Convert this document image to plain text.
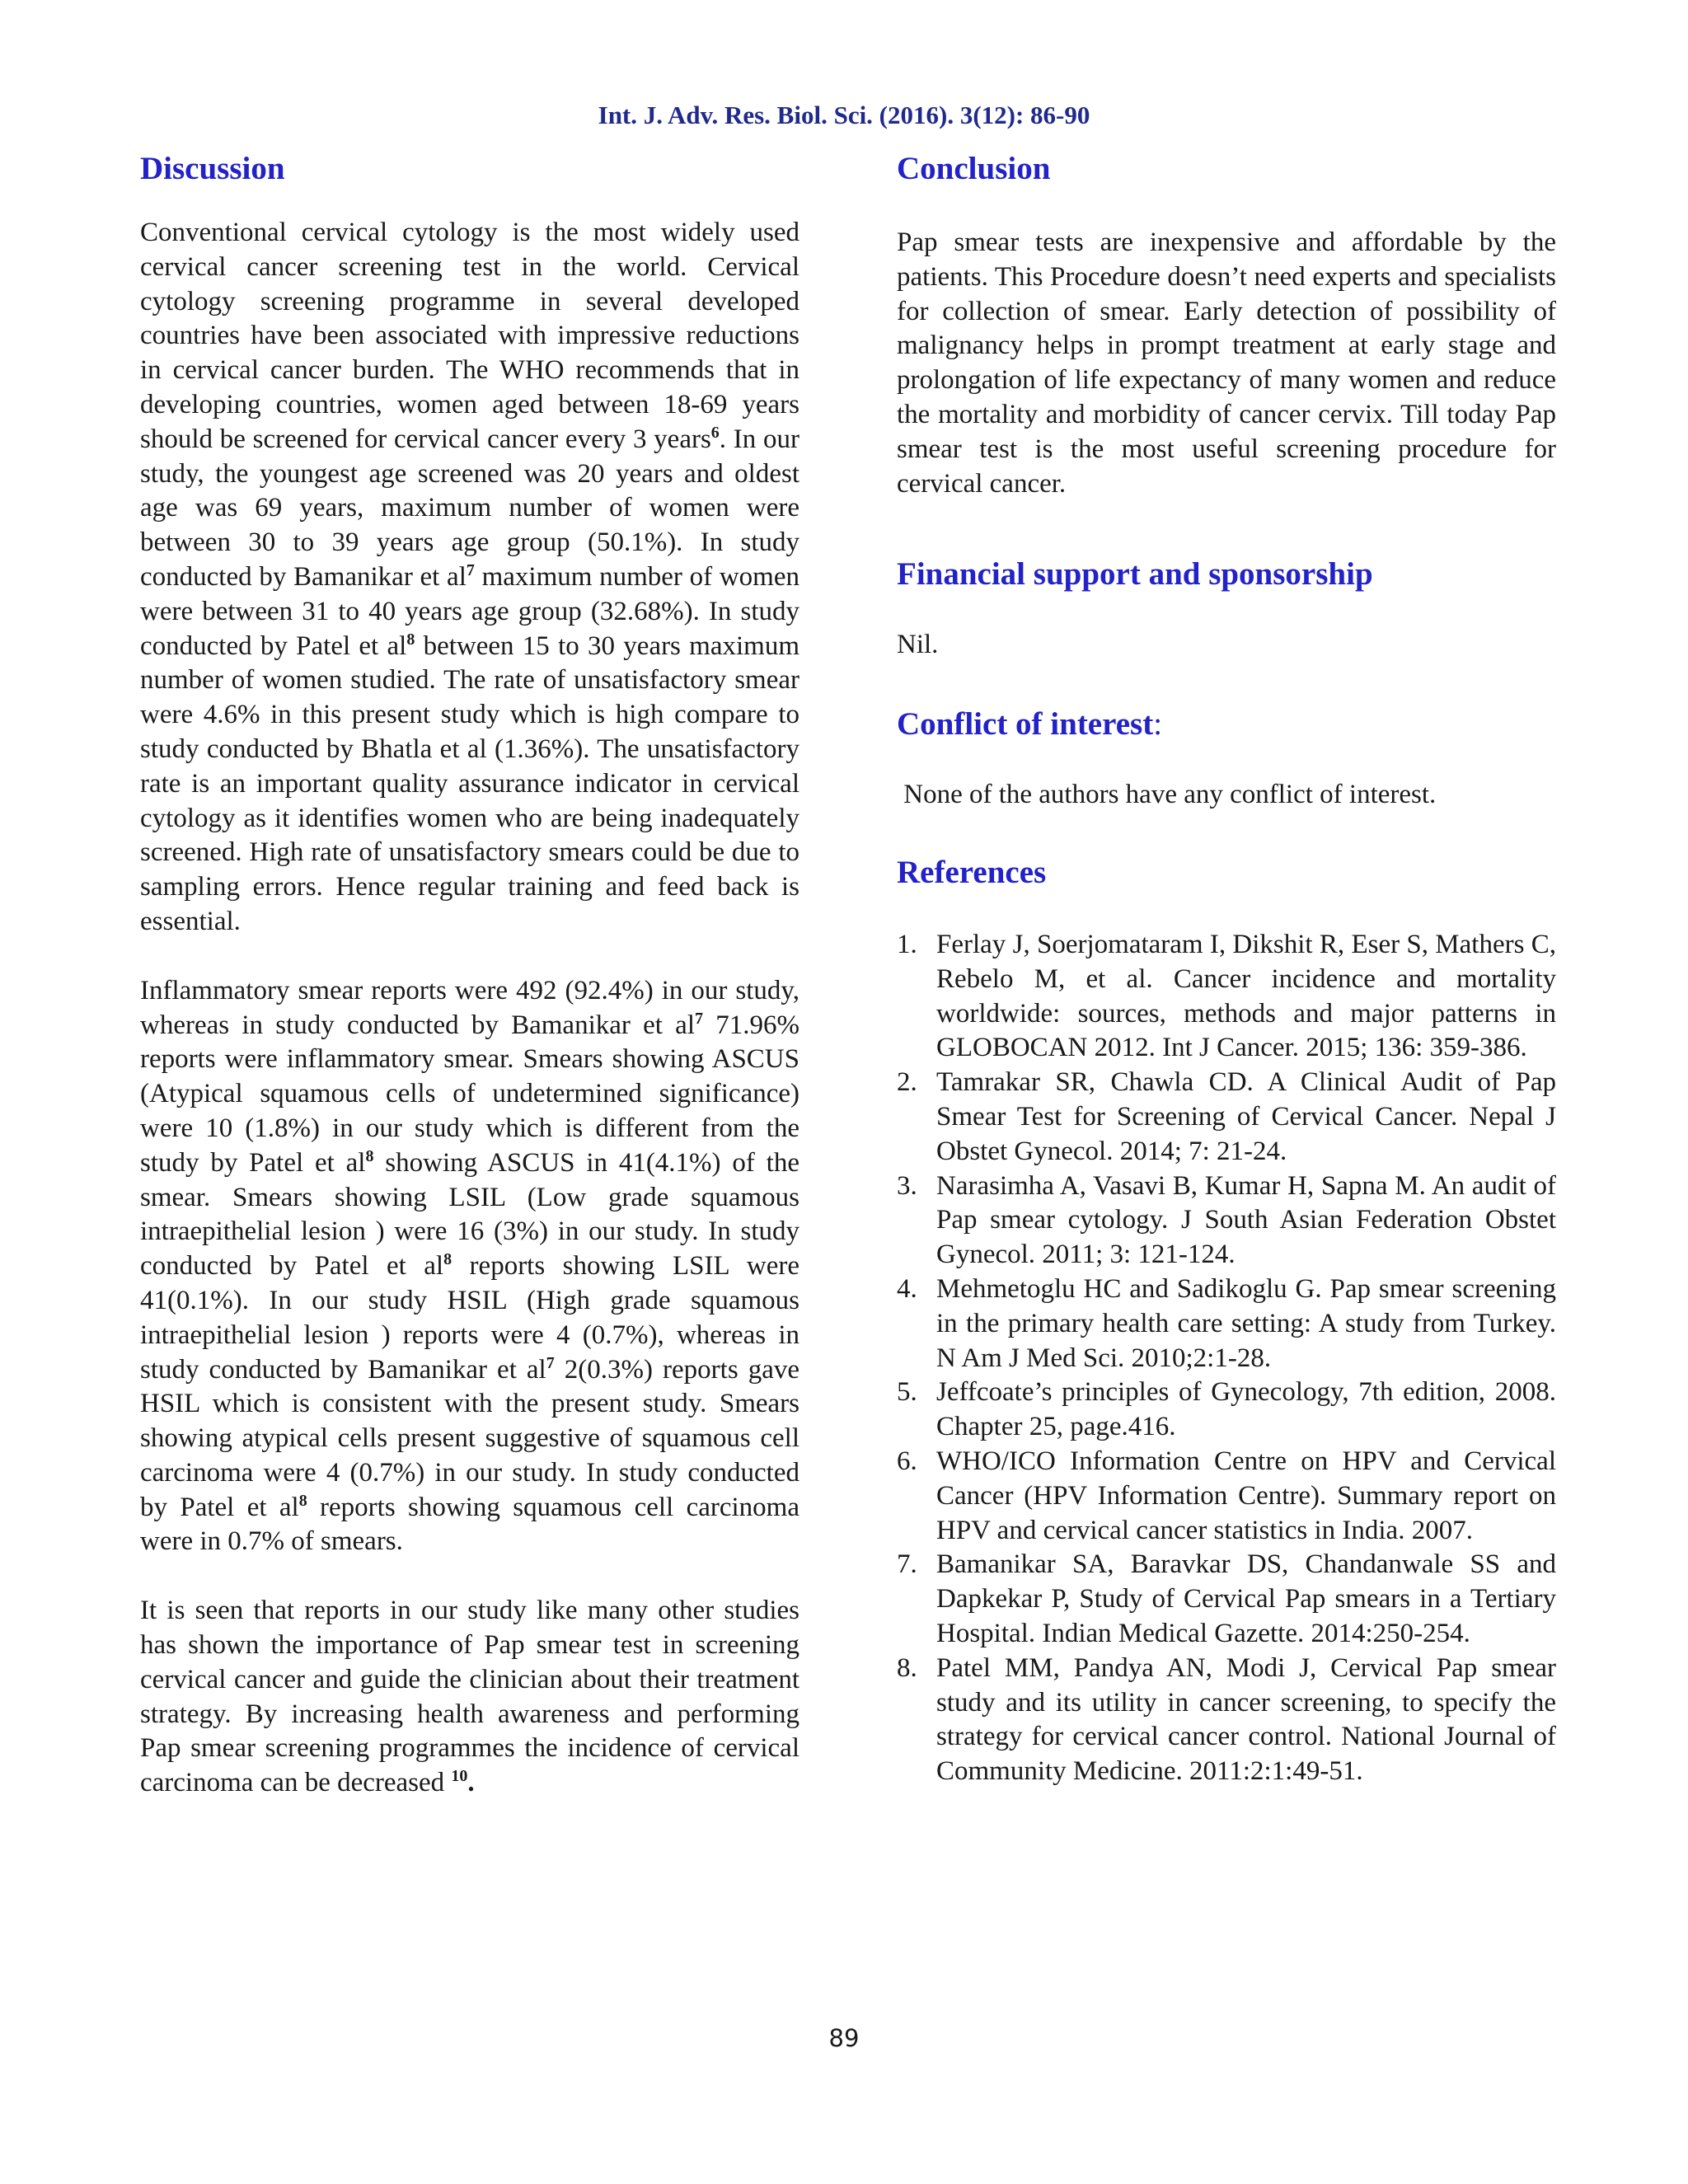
Int. J. Adv. Res. Biol. Sci. (2016). 3(12): 86-90
Discussion

Conventional cervical cytology is the most widely used cervical cancer screening test in the world. Cervical cytology screening programme in several developed countries have been associated with impressive reductions in cervical cancer burden. The WHO recommends that in developing countries, women aged between 18-69 years should be screened for cervical cancer every 3 years$^6$. In our study, the youngest age screened was 20 years and oldest age was 69 years, maximum number of women were between 30 to 39 years age group (50.1%). In study conducted by Bamanikar et $al^7$ maximum number of women were between 31 to 40 years age group (32.68%). In study conducted by Patel et $al^8$ between 15 to 30 years maximum number of women studied. The rate of unsatisfactory smear were 4.6% in this present study which is high compare to study conducted by Bhatla et al (1.36%). The unsatisfactory rate is an important quality assurance indicator in cervical cytology as it identifies women who are being inadequately screened. High rate of unsatisfactory smears could be due to sampling errors. Hence regular training and feed back is essential.

Inflammatory smear reports were 492 (92.4%) in our study, whereas in study conducted by Bamanikar et $al^7$ 71.96% reports were inflammatory smear. Smears showing ASCUS (Atypical squamous cells of undetermined significance) were 10 (1.8%) in our study which is different from the study by Patel et $al^8$ showing ASCUS in 41(4.1%) of the smear. Smears showing LSIL (Low grade squamous intraepithelial lesion ) were 16 (3%) in our study. In study conducted by Patel et $al^8$ reports showing LSIL were 41(0.1%). In our study HSIL (High grade squamous intraepithelial lesion ) reports were 4 (0.7%), whereas in study conducted by Bamanikar et $al^7$ 2(0.3%) reports gave HSIL which is consistent with the present study. Smears showing atypical cells present suggestive of squamous cell carcinoma were 4 (0.7%) in our study. In study conducted by Patel et $al^8$ reports showing squamous cell carcinoma were in 0.7% of smears.

It is seen that reports in our study like many other studies has shown the importance of Pap smear test in screening cervical cancer and guide the clinician about their treatment strategy. By increasing health awareness and performing Pap smear screening programmes the incidence of cervical carcinoma can be decreased $^{10}$.

Conclusion

Pap smear tests are inexpensive and affordable by the patients. This Procedure doesn’t need experts and specialists for collection of smear. Early detection of possibility of malignancy helps in prompt treatment at early stage and prolongation of life expectancy of many women and reduce the mortality and morbidity of cancer cervix. Till today Pap smear test is the most useful screening procedure for cervical cancer.

Financial support and sponsorship

Nil.

Conflict of interest:

None of the authors have any conflict of interest.

References
1. Ferlay J, Soerjomataram I, Dikshit R, Eser S, Mathers C, Rebelo M, et al. Cancer incidence and mortality worldwide: sources, methods and major patterns in GLOBOCAN 2012. Int J Cancer. 2015; 136: 359-386.
2. Tamrakar SR, Chawla CD. A Clinical Audit of Pap Smear Test for Screening of Cervical Cancer. Nepal J Obstet Gynecol. 2014; 7: 21-24.
3. Narasimha A, Vasavi B, Kumar H, Sapna M. An audit of Pap smear cytology. J South Asian Federation Obstet Gynecol. 2011; 3: 121-124.
4. Mehmetoglu HC and Sadikoglu G. Pap smear screening in the primary health care setting: A study from Turkey. N Am J Med Sci. 2010;2:1-28.
5. Jeffcoate’s principles of Gynecology, 7th edition, 2008. Chapter 25, page.416.
6. WHO/ICO Information Centre on HPV and Cervical Cancer (HPV Information Centre). Summary report on HPV and cervical cancer statistics in India. 2007.
7. Bamanikar SA, Baravkar DS, Chandanwale SS and Dapkekar P, Study of Cervical Pap smears in a Tertiary Hospital. Indian Medical Gazette. 2014:250-254.
8. Patel MM, Pandya AN, Modi J, Cervical Pap smear study and its utility in cancer screening, to specify the strategy for cervical cancer control. National Journal of Community Medicine. 2011:2:1:49-51.
89
